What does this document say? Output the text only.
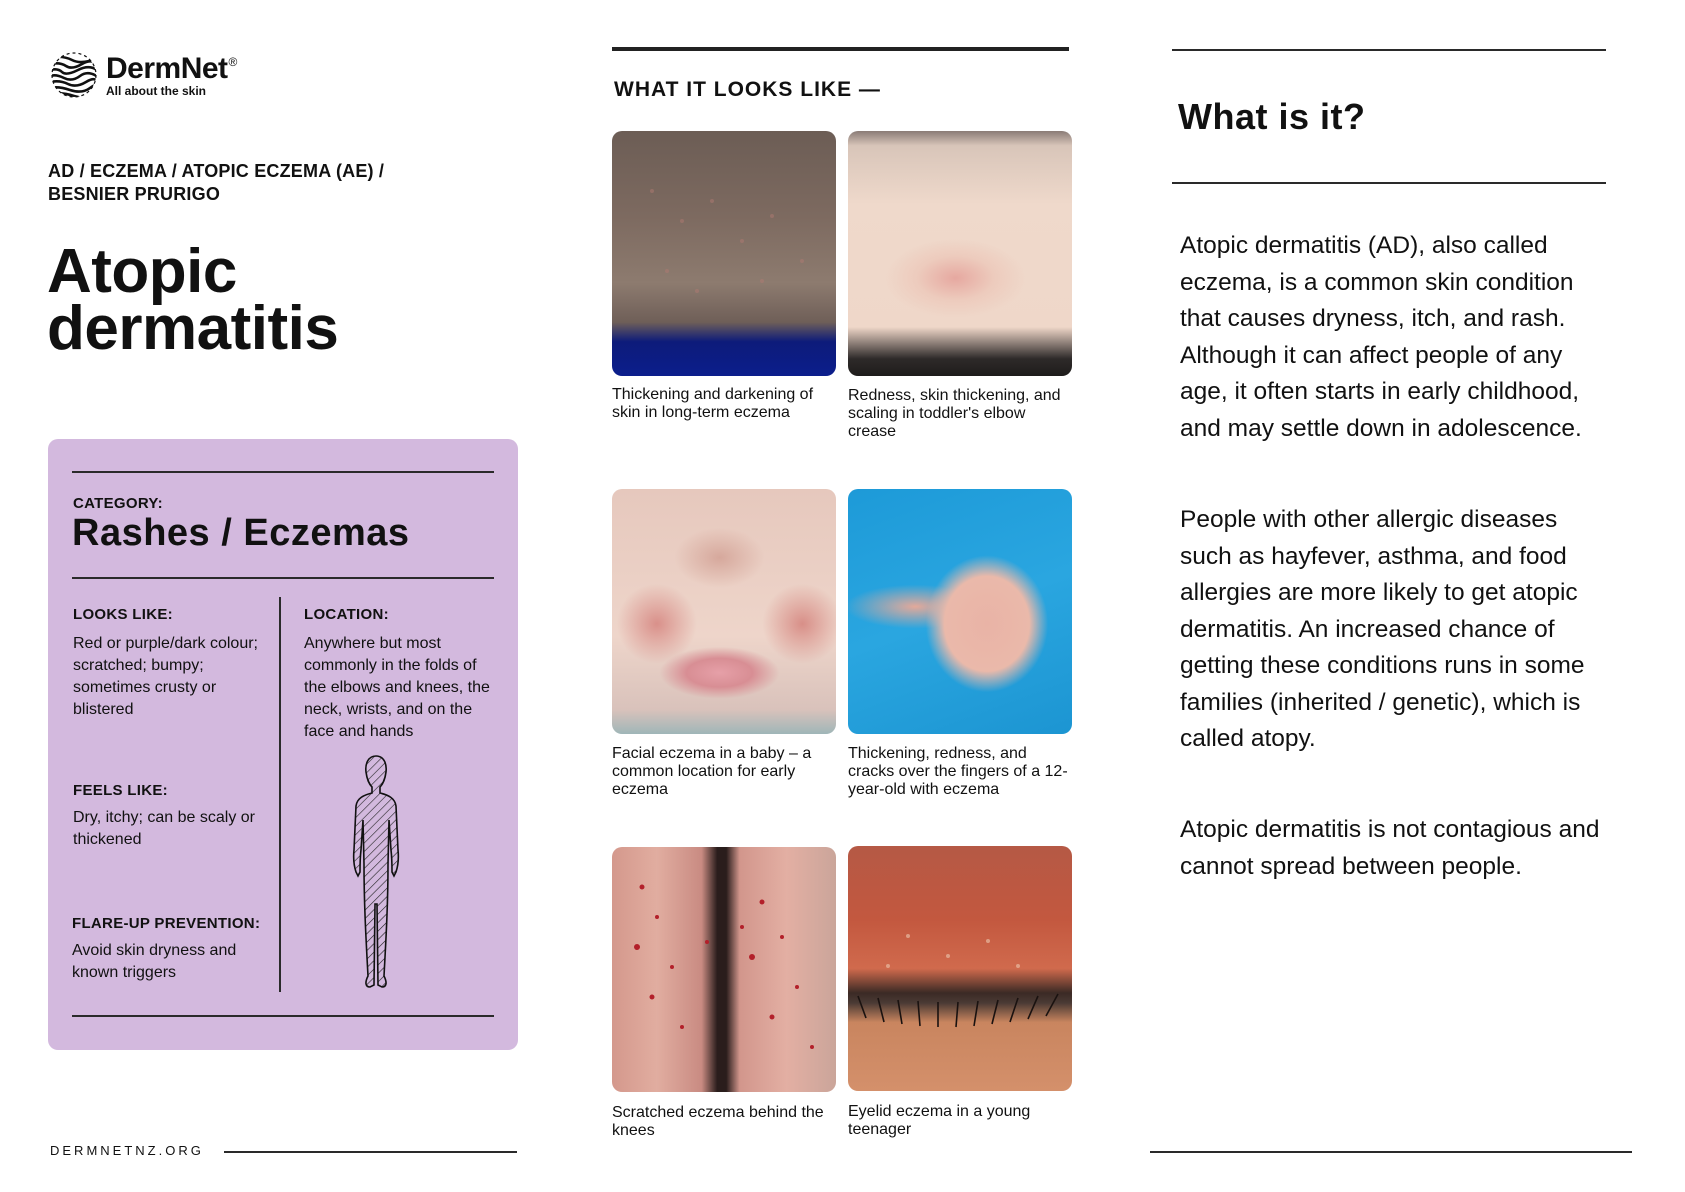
DermNet®
All about the skin
AD / ECZEMA / ATOPIC ECZEMA (AE) / BESNIER PRURIGO
Atopic
dermatitis
CATEGORY:
Rashes / Eczemas
LOOKS LIKE:
Red or purple/dark colour; scratched; bumpy; sometimes crusty or blistered
LOCATION:
Anywhere but most commonly in the folds of the elbows and knees, the neck, wrists, and on the face and hands
FEELS LIKE:
Dry, itchy; can be scaly or thickened
FLARE-UP PREVENTION:
Avoid skin dryness and known triggers
DERMNETNZ.ORG
WHAT IT LOOKS LIKE —
Thickening and darkening of skin in long-term eczema
Redness, skin thickening, and scaling in toddler's elbow crease
Facial eczema in a baby – a common location for early eczema
Thickening, redness, and cracks over the fingers of a 12-year-old with eczema
Scratched eczema behind the knees
Eyelid eczema in a young teenager
What is it?

Atopic dermatitis (AD), also called eczema, is a common skin condition that causes dryness, itch, and rash. Although it can affect people of any age, it often starts in early childhood, and may settle down in adolescence.

People with other allergic diseases such as hayfever, asthma, and food allergies are more likely to get atopic dermatitis. An increased chance of getting these conditions runs in some families (inherited / genetic), which is called atopy.

Atopic dermatitis is not contagious and cannot spread between people.
